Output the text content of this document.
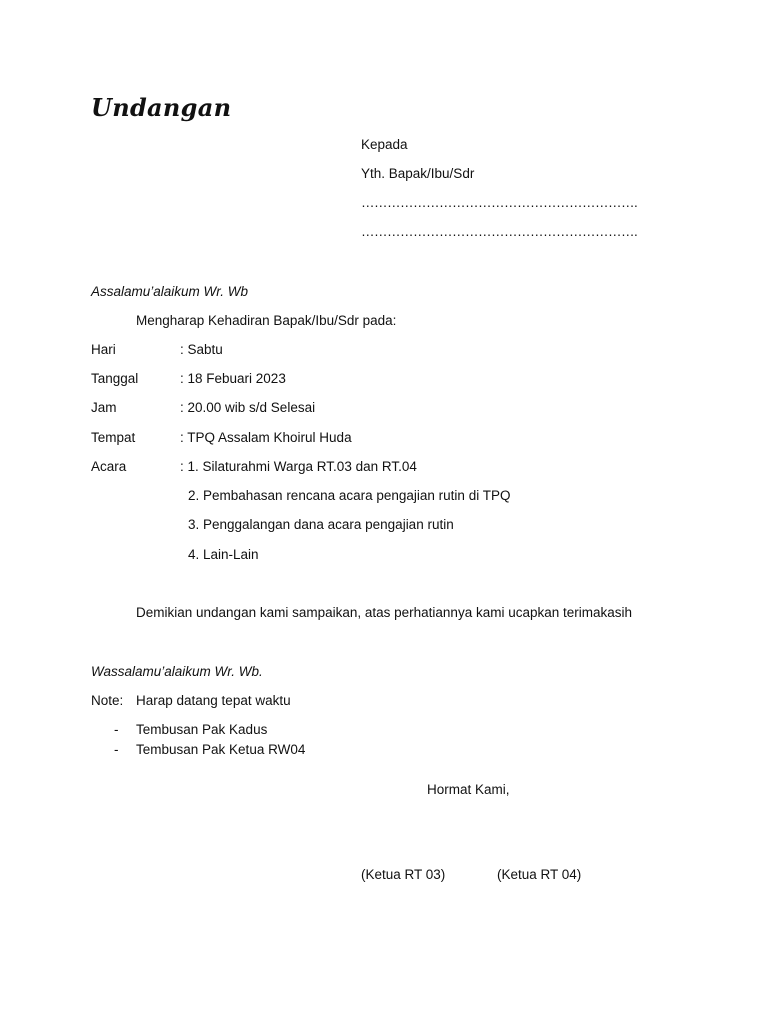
Undangan
Kepada
Yth. Bapak/Ibu/Sdr
……………………………………………………….
……………………………………………………….
Assalamu’alaikum Wr. Wb
Mengharap Kehadiran Bapak/Ibu/Sdr pada:
Hari	: Sabtu
Tanggal	: 18 Febuari 2023
Jam	: 20.00 wib s/d Selesai
Tempat	: TPQ Assalam Khoirul Huda
Acara	: 1. Silaturahmi Warga RT.03 dan RT.04
2. Pembahasan rencana acara pengajian rutin di TPQ
3. Penggalangan dana acara pengajian rutin
4. Lain-Lain
Demikian undangan kami sampaikan, atas perhatiannya kami ucapkan terimakasih
Wassalamu’alaikum Wr. Wb.
Note: Harap datang tepat waktu
- Tembusan Pak Kadus
- Tembusan Pak Ketua RW04
Hormat Kami,
(Ketua RT 03)	(Ketua RT 04)
